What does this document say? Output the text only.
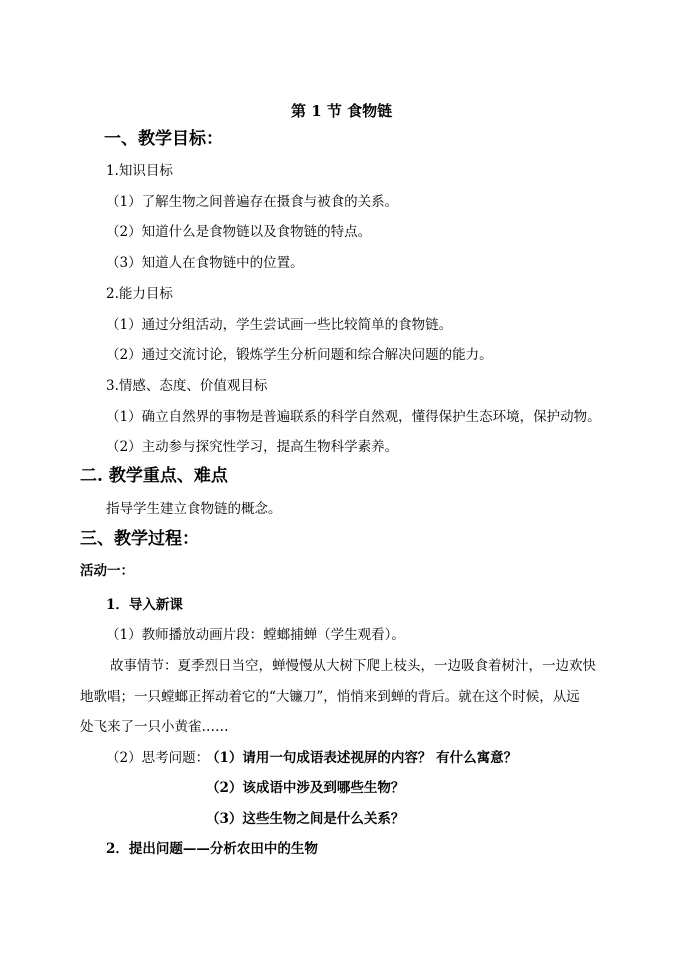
第 1 节 食物链
一、教学目标：
1.知识目标
（1）了解生物之间普遍存在摄食与被食的关系。
（2）知道什么是食物链以及食物链的特点。
（3）知道人在食物链中的位置。
2.能力目标
（1）通过分组活动，学生尝试画一些比较简单的食物链。
（2）通过交流讨论，锻炼学生分析问题和综合解决问题的能力。
3.情感、态度、价值观目标
（1）确立自然界的事物是普遍联系的科学自然观，懂得保护生态环境，保护动物。
（2）主动参与探究性学习，提高生物科学素养。
二. 教学重点、难点
指导学生建立食物链的概念。
三、教学过程：
活动一：
1．导入新课
（1）教师播放动画片段：螳螂捕蝉（学生观看）。
故事情节：夏季烈日当空，蝉慢慢从大树下爬上枝头，一边吸食着树汁，一边欢快
地歌唱；一只螳螂正挥动着它的“大镰刀”，悄悄来到蝉的背后。就在这个时候，从远
处飞来了一只小黄雀……
（2）思考问题：
（1）请用一句成语表述视屏的内容？ 有什么寓意？
（2）该成语中涉及到哪些生物？
（3）这些生物之间是什么关系？
2．提出问题——分析农田中的生物
